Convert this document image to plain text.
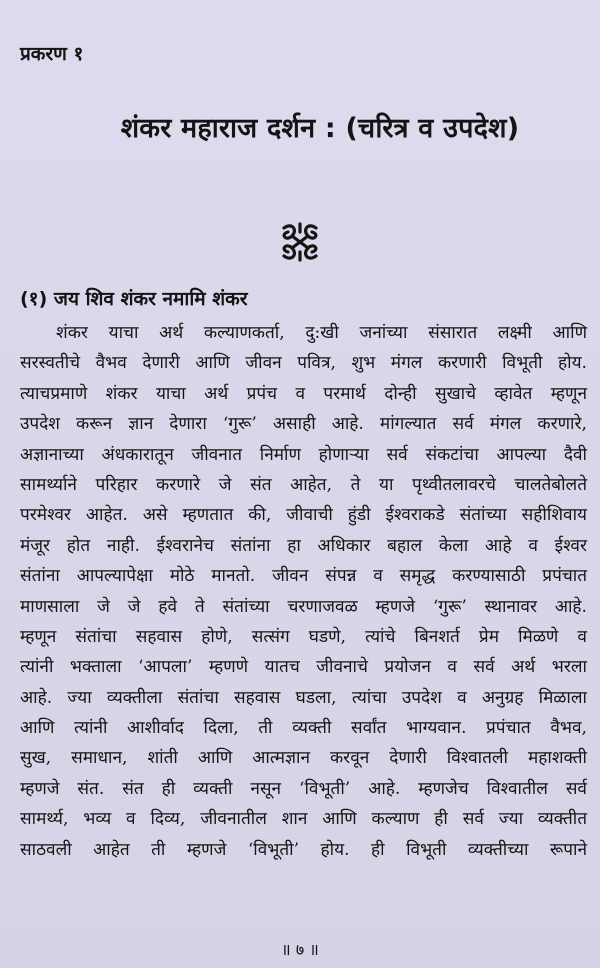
प्रकरण १
शंकर महाराज दर्शन : (चरित्र व उपदेश)
(१) जय शिव शंकर नमामि शंकर
शंकर याचा अर्थ कल्याणकर्ता, दु:खी जनांच्या संसारात लक्ष्मी आणि
सरस्वतीचे वैभव देणारी आणि जीवन पवित्र, शुभ मंगल करणारी विभूती होय.
त्याचप्रमाणे शंकर याचा अर्थ प्रपंच व परमार्थ दोन्ही सुखाचे व्हावेत म्हणून
उपदेश करून ज्ञान देणारा ‘गुरू’ असाही आहे. मांगल्यात सर्व मंगल करणारे,
अज्ञानाच्या अंधकारातून जीवनात निर्माण होणाऱ्या सर्व संकटांचा आपल्या दैवी
सामर्थ्याने परिहार करणारे जे संत आहेत, ते या पृथ्वीतलावरचे चालतेबोलते
परमेश्वर आहेत. असे म्हणतात की, जीवाची हुंडी ईश्वराकडे संतांच्या सहीशिवाय
मंजूर होत नाही. ईश्वरानेच संतांना हा अधिकार बहाल केला आहे व ईश्वर
संतांना आपल्यापेक्षा मोठे मानतो. जीवन संपन्न व समृद्ध करण्यासाठी प्रपंचात
माणसाला जे जे हवे ते संतांच्या चरणाजवळ म्हणजे ‘गुरू’ स्थानावर आहे.
म्हणून संतांचा सहवास होणे, सत्संग घडणे, त्यांचे बिनशर्त प्रेम मिळणे व
त्यांनी भक्ताला ‘आपला’ म्हणणे यातच जीवनाचे प्रयोजन व सर्व अर्थ भरला
आहे. ज्या व्यक्तीला संतांचा सहवास घडला, त्यांचा उपदेश व अनुग्रह मिळाला
आणि त्यांनी आशीर्वाद दिला, ती व्यक्ती सर्वांत भाग्यवान. प्रपंचात वैभव,
सुख, समाधान, शांती आणि आत्मज्ञान करवून देणारी विश्वातली महाशक्ती
म्हणजे संत. संत ही व्यक्ती नसून ‘विभूती’ आहे. म्हणजेच विश्वातील सर्व
सामर्थ्य, भव्य व दिव्य, जीवनातील शान आणि कल्याण ही सर्व ज्या व्यक्तीत
साठवली आहेत ती म्हणजे ‘विभूती’ होय. ही विभूती व्यक्तीच्या रूपाने
॥ ७ ॥
